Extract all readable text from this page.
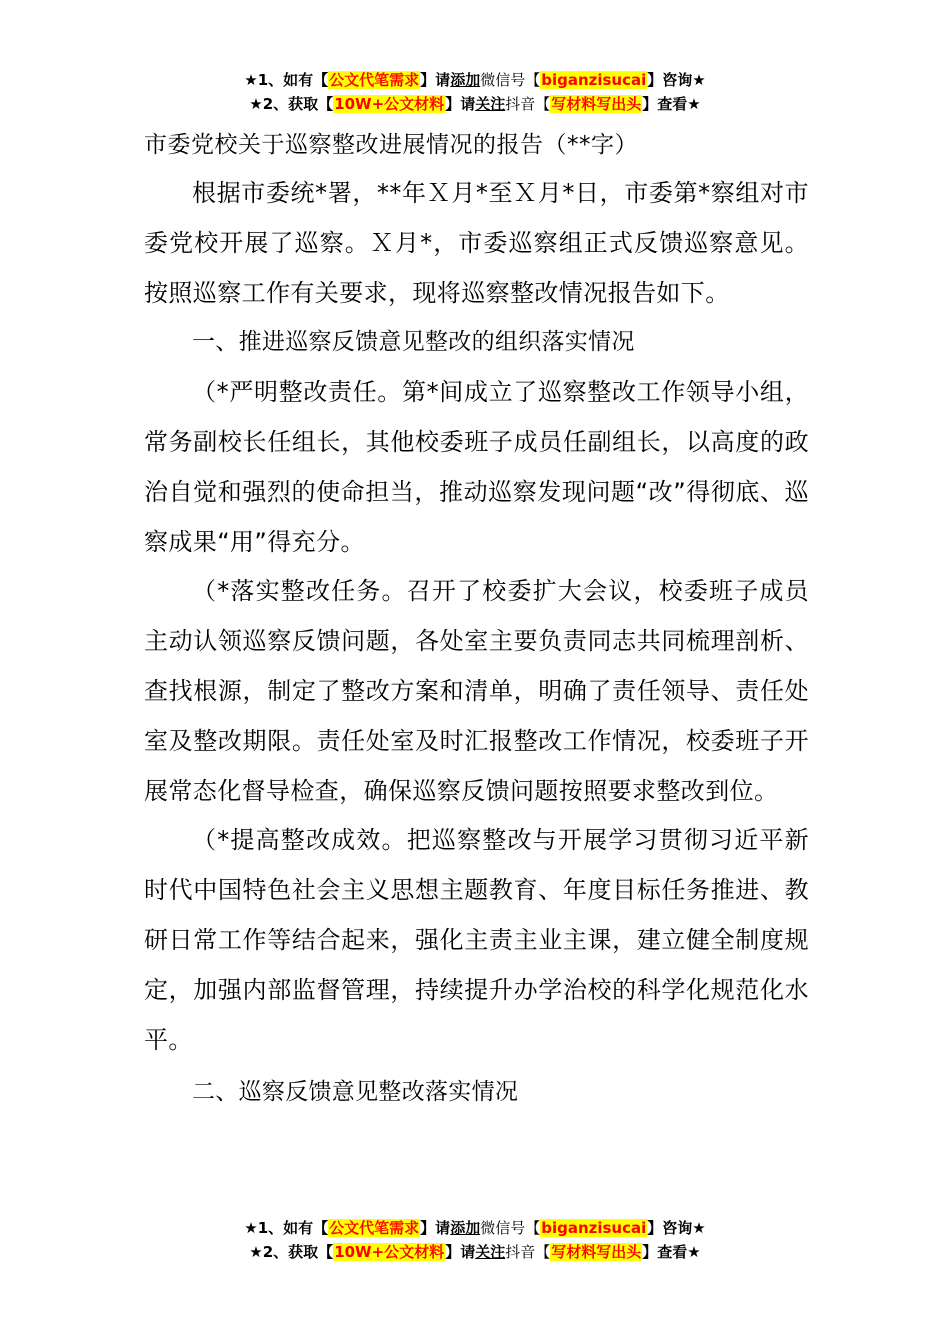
★1、如有【公文代笔需求】请添加微信号【biganzisucai】咨询★
★2、获取【10W+公文材料】请关注抖音【写材料写出头】查看★

市委党校关于巡察整改进展情况的报告（**字）

根据市委统*署，**年Ｘ月*至Ｘ月*日，市委第*察组对市委党校开展了巡察。Ｘ月*，市委巡察组正式反馈巡察意见。按照巡察工作有关要求，现将巡察整改情况报告如下。

一、推进巡察反馈意见整改的组织落实情况

（*严明整改责任。第*间成立了巡察整改工作领导小组，常务副校长任组长，其他校委班子成员任副组长，以高度的政治自觉和强烈的使命担当，推动巡察发现问题“改”得彻底、巡察成果“用”得充分。

（*落实整改任务。召开了校委扩大会议，校委班子成员主动认领巡察反馈问题，各处室主要负责同志共同梳理剖析、查找根源，制定了整改方案和清单，明确了责任领导、责任处室及整改期限。责任处室及时汇报整改工作情况，校委班子开展常态化督导检查，确保巡察反馈问题按照要求整改到位。

（*提高整改成效。把巡察整改与开展学习贯彻习近平新时代中国特色社会主义思想主题教育、年度目标任务推进、教研日常工作等结合起来，强化主责主业主课，建立健全制度规定，加强内部监督管理，持续提升办学治校的科学化规范化水平。

二、巡察反馈意见整改落实情况

★1、如有【公文代笔需求】请添加微信号【biganzisucai】咨询★
★2、获取【10W+公文材料】请关注抖音【写材料写出头】查看★
